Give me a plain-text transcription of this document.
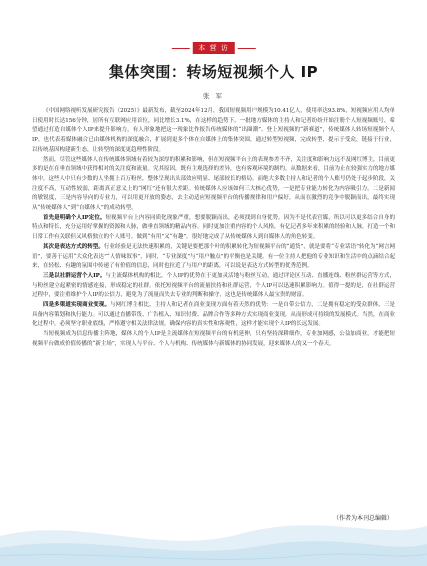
本 营 访
集体突围：转场短视频个人 IP
张 军

《中国网络视听发展研究报告（2025）》最新发布，截至2024年12月，我国短视频用户规模为10.41亿人，使用率达93.8%，短视频应用人均单日使用时长达156分钟，居所有互联网应用首位，同比增长3.1%，在这样的趋势下，一批地方媒体的主持人和记者纷纷开始注册个人短视频账号，希望通过打造自媒体个人IP来提升影响力，有人形象地把这一现象比作报告传统媒体的“出圈潮”。登上短视频的“新赛道”，传统媒体人转场短视频个人IP，也代表着媒体融合已由媒体机构的深度融合，扩展到更多个体在自媒体上的集体突围，通过转型短视频，完成转型、提示于受众，链接于行业，以传统基因构建新生态，让转型的深度更趋理性阶段。

然而，尽管这些媒体人在传统媒体领域有着较为深厚的积累和影响，但在短视频平台上的表现参差不齐，关注度和影响力远不及网红博主，目前更多的是在在垂直领域中获得相对的关注度和流量。究其原因，既有主观选择的差异，也有客观环境的制约。从数据来看，目前为止在较强实力的地方媒体中，这些人中只有少数的人坐拥上百万粉丝，整体呈现出头部效应明显、尾部较长的格局。而绝大多数主持人和记者的个人账号仍处于起步阶段，关注度不高，互动性较弱，距离真正意义上的“网红”还有很大差距。传统媒体人应该如何三大核心优势，一是把专业能力转化为内容吸引力，二是新闻的敏锐度，三是内容导向的专业力，可以用更开放的姿态，去主动适应短视频平台的传播规律和用户偏好，从而在激烈的竞争中脱颖而出，最终实现从“传统媒体人”到“自媒体人”的成功转型。

首先是明确个人IP定位。短视频平台上内容同质化现象严重，想要脱颖而出，必须找到自身优势。因为不是代表官媒，所以可以更多结合自身的特点和特长，充分运用好掌握的资源和人脉，做垂直领域的精品内容。同时更加注重内容的个人风格，有亿记者多年来积累的经验和人脉，打造一个和日常工作有关联但又风格独立的个人账号，做到“有用”又“有趣”。很好地完成了从传统媒体人到自媒体人的角色转变。

其次是表达方式的转型。行业经验是无法快速积累的，关键是要把那个叶的积累转化为短视频平台的“通货”，就是要将“专业话语”转化为“网言网语”，要善于运用“大众化表达”“人情味叙事”，同时，“专业深度”与“用户触点”的平衡也是关键。有一位主持人把他的专业知识和生活中的点滴结合起来，在轻松、有趣的氛围中传递了有价值的信息，同时也拉近了与用户的距离，可以说是表达方式转型的优秀范例。

三是以社群运营个人IP。与主流媒体机构的相比，个人IP的优势在于更加灵活地与粉丝互动，通过评论区互动、直播连线、粉丝群运营等方式，与粉丝建立起紧密的情感连接，形成稳定的社群。依托短视频平台的流量扶持和社群运营，个人IP可以迅速积累影响力。值得一提的是，在社群运营过程中，要注重维护个人IP的公信力，避免为了流量而失去专业的判断和操守，这也是传统媒体人最宝贵的财富。

四是多渠道实现商业变现。与网红博主相比，主持人和记者在商业变现方面有着天然的优势：一是自带公信力，二是拥有稳定的受众群体，三是具备内容策划和执行能力。可以通过直播带货、广告植入、知识付费、品牌合作等多种方式实现商业变现，从而形成可持续的发展模式。当然，在商业化过程中，必须坚守职业底线，严格遵守相关法律法规，确保内容的真实性和客观性，这样才能实现个人IP的长远发展。

当短视频成为信息传播主阵地，媒体人的个人IP是主流媒体在短视频平台的有机延伸，只有坚持深耕细作，专业加网感，公益加商业，才能把短视频平台做成价值传播的“新主场”，实现人与平台、个人与机构、传统媒体与新媒体的协同发展，迎来媒体人的又一个春天。

（作者为本刊总编辑）
